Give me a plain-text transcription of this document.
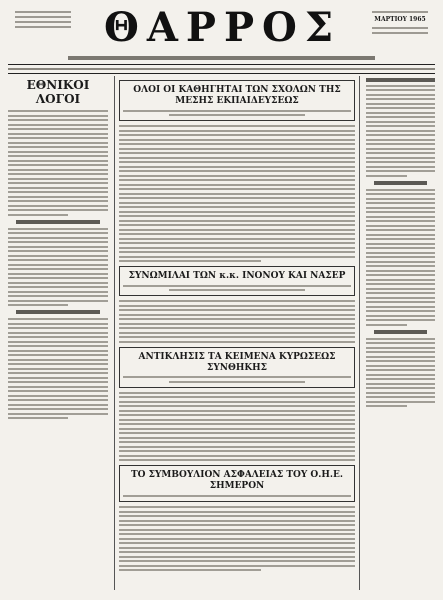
ΘΑΡΡΟΣ	ΜΑΡΤΙΟΥ 1965
ΕΘΝΙΚΟΙ ΛΟΓΟΙ
ΟΛΟΙ ΟΙ ΚΑΘΗΓΗΤΑΙ ΤΩΝ ΣΧΟΛΩΝ ΤΗΣ ΜΕΣΗΣ ΕΚΠΑΙΔΕΥΣΕΩΣ
ΣΥΝΩΜΙΛΑΙ ΤΩΝ κ.κ. ΙΝΟΝΟΥ ΚΑΙ ΝΑΣΕΡ
ΑΝΤΙΚΛΗΣΙΣ ΤΑ ΚΕΙΜΕΝΑ ΚΥΡΩΣΕΩΣ ΣΥΝΘΗΚΗΣ
ΤΟ ΣΥΜΒΟΥΛΙΟΝ ΑΣΦΑΛΕΙΑΣ ΤΟΥ Ο.Η.Ε. ΣΗΜΕΡΟΝ
